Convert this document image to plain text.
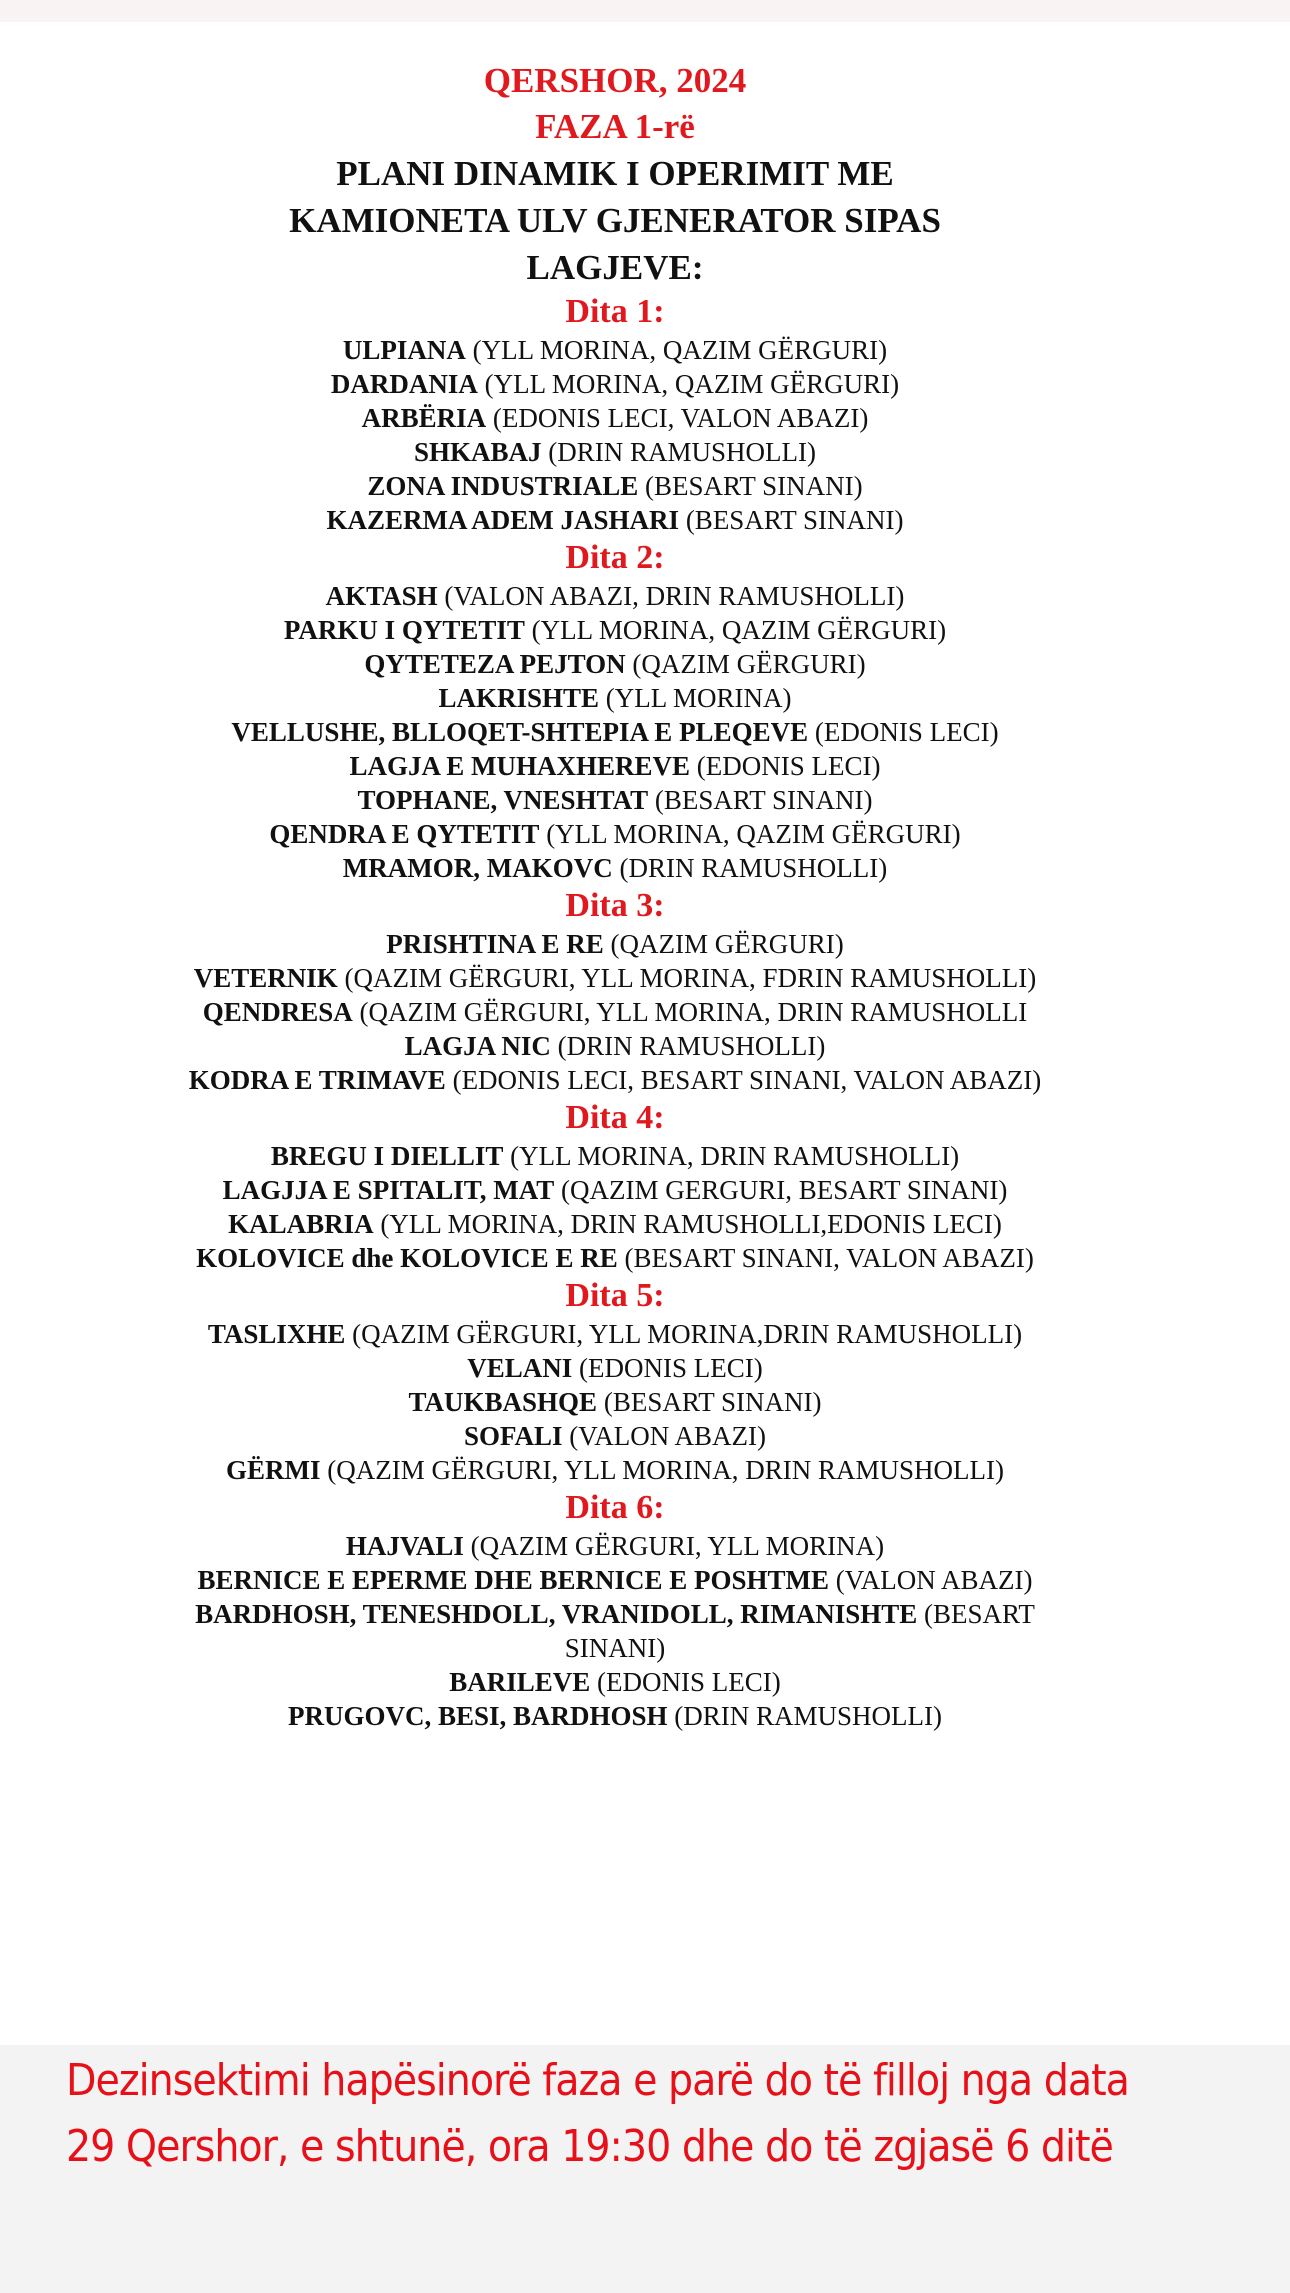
QERSHOR, 2024

FAZA 1-rë

PLANI DINAMIK I OPERIMIT ME

KAMIONETA ULV GJENERATOR SIPAS

LAGJEVE:

Dita 1:

ULPIANA (YLL MORINA, QAZIM GËRGURI)

DARDANIA (YLL MORINA, QAZIM GËRGURI)

ARBËRIA (EDONIS LECI, VALON ABAZI)

SHKABAJ (DRIN RAMUSHOLLI)

ZONA INDUSTRIALE (BESART SINANI)

KAZERMA ADEM JASHARI (BESART SINANI)

Dita 2:

AKTASH (VALON ABAZI, DRIN RAMUSHOLLI)

PARKU I QYTETIT (YLL MORINA, QAZIM GËRGURI)

QYTETEZA PEJTON (QAZIM GËRGURI)

LAKRISHTE (YLL MORINA)

VELLUSHE, BLLOQET-SHTEPIA E PLEQEVE (EDONIS LECI)

LAGJA E MUHAXHEREVE (EDONIS LECI)

TOPHANE, VNESHTAT (BESART SINANI)

QENDRA E QYTETIT (YLL MORINA, QAZIM GËRGURI)

MRAMOR, MAKOVC (DRIN RAMUSHOLLI)

Dita 3:

PRISHTINA E RE (QAZIM GËRGURI)

VETERNIK (QAZIM GËRGURI, YLL MORINA, FDRIN RAMUSHOLLI)

QENDRESA (QAZIM GËRGURI, YLL MORINA, DRIN RAMUSHOLLI

LAGJA NIC (DRIN RAMUSHOLLI)

KODRA E TRIMAVE (EDONIS LECI, BESART SINANI, VALON ABAZI)

Dita 4:

BREGU I DIELLIT (YLL MORINA, DRIN RAMUSHOLLI)

LAGJJA E SPITALIT, MAT (QAZIM GERGURI, BESART SINANI)

KALABRIA (YLL MORINA, DRIN RAMUSHOLLI,EDONIS LECI)

KOLOVICE dhe KOLOVICE E RE (BESART SINANI, VALON ABAZI)

Dita 5:

TASLIXHE (QAZIM GËRGURI, YLL MORINA,DRIN RAMUSHOLLI)

VELANI (EDONIS LECI)

TAUKBASHQE (BESART SINANI)

SOFALI (VALON ABAZI)

GËRMI (QAZIM GËRGURI, YLL MORINA, DRIN RAMUSHOLLI)

Dita 6:

HAJVALI (QAZIM GËRGURI, YLL MORINA)

BERNICE E EPERME DHE BERNICE E POSHTME (VALON ABAZI)

BARDHOSH, TENESHDOLL, VRANIDOLL, RIMANISHTE (BESART SINANI)

BARILEVE (EDONIS LECI)

PRUGOVC, BESI, BARDHOSH (DRIN RAMUSHOLLI)

Dezinsektimi hapësinorë faza e parë do të filloj nga data
29 Qershor, e shtunë, ora 19:30 dhe do të zgjasë 6 ditë
